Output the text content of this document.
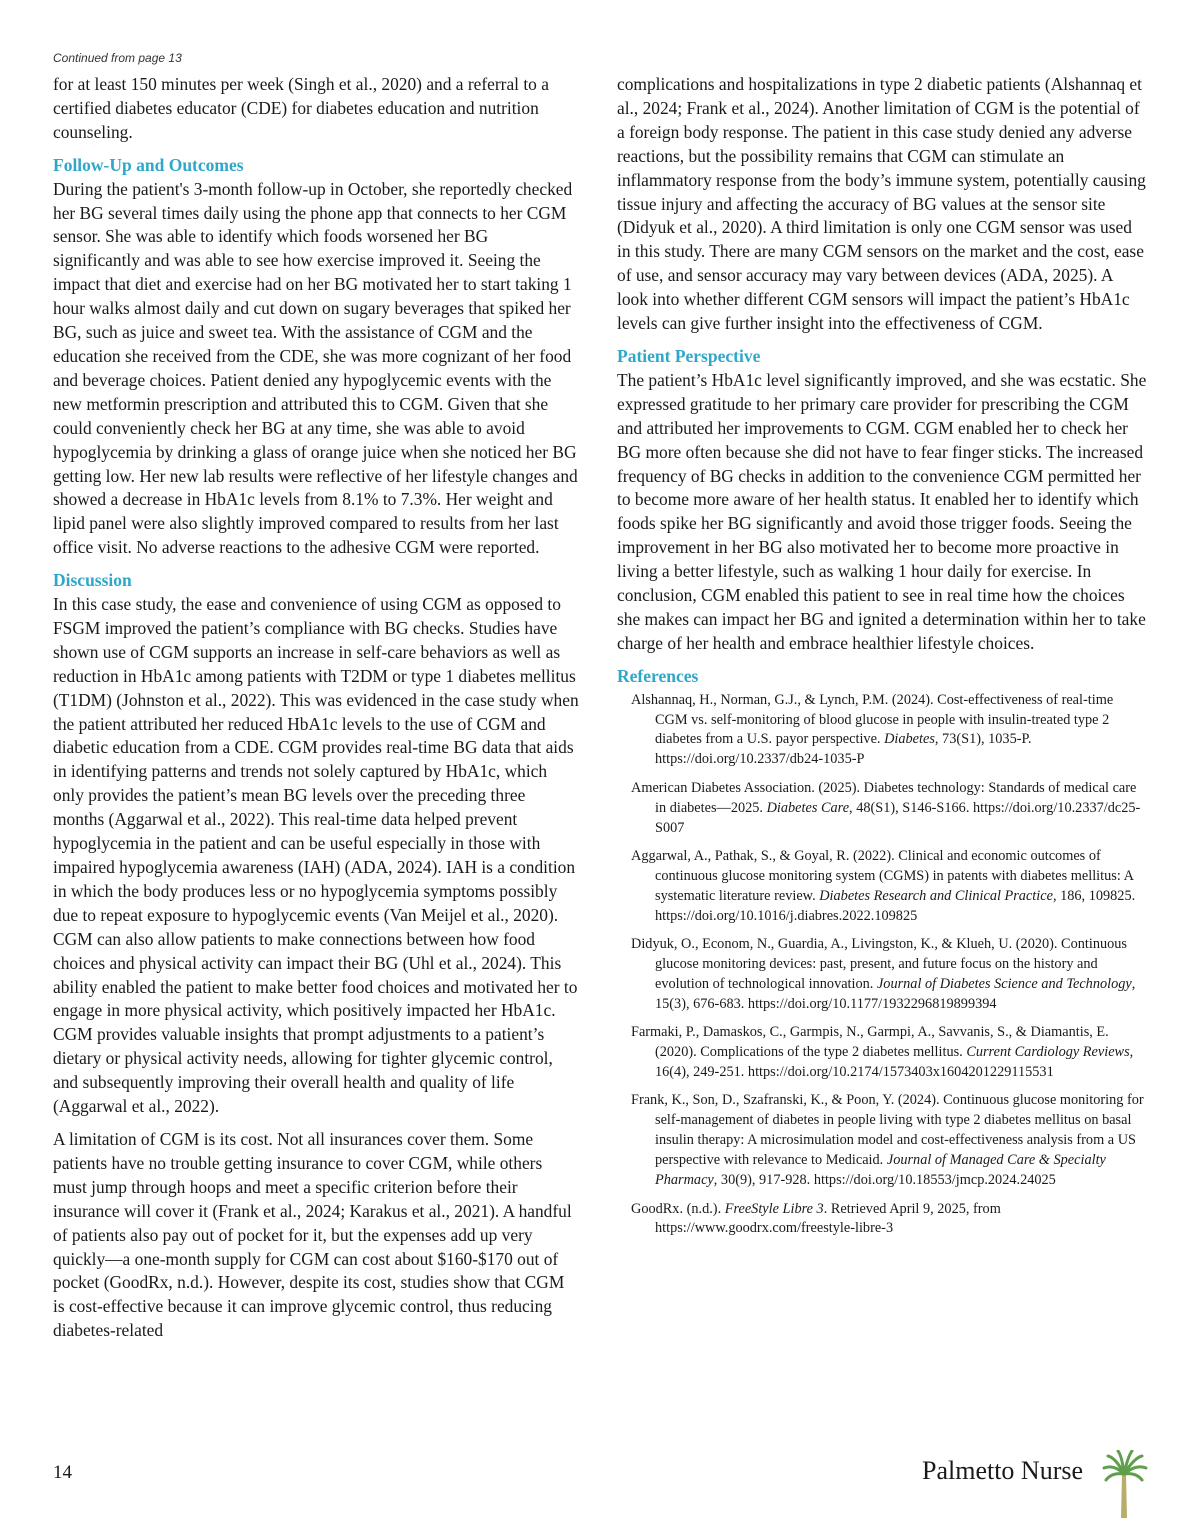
Continued from page 13

for at least 150 minutes per week (Singh et al., 2020) and a referral to a certified diabetes educator (CDE) for diabetes education and nutrition counseling.

Follow-Up and Outcomes

During the patient's 3-month follow-up in October, she reportedly checked her BG several times daily using the phone app that connects to her CGM sensor. She was able to identify which foods worsened her BG significantly and was able to see how exercise improved it. Seeing the impact that diet and exercise had on her BG motivated her to start taking 1 hour walks almost daily and cut down on sugary beverages that spiked her BG, such as juice and sweet tea. With the assistance of CGM and the education she received from the CDE, she was more cognizant of her food and beverage choices. Patient denied any hypoglycemic events with the new metformin prescription and attributed this to CGM. Given that she could conveniently check her BG at any time, she was able to avoid hypoglycemia by drinking a glass of orange juice when she noticed her BG getting low. Her new lab results were reflective of her lifestyle changes and showed a decrease in HbA1c levels from 8.1% to 7.3%. Her weight and lipid panel were also slightly improved compared to results from her last office visit. No adverse reactions to the adhesive CGM were reported.

Discussion

In this case study, the ease and convenience of using CGM as opposed to FSGM improved the patient’s compliance with BG checks. Studies have shown use of CGM supports an increase in self-care behaviors as well as reduction in HbA1c among patients with T2DM or type 1 diabetes mellitus (T1DM) (Johnston et al., 2022). This was evidenced in the case study when the patient attributed her reduced HbA1c levels to the use of CGM and diabetic education from a CDE. CGM provides real-time BG data that aids in identifying patterns and trends not solely captured by HbA1c, which only provides the patient’s mean BG levels over the preceding three months (Aggarwal et al., 2022). This real-time data helped prevent hypoglycemia in the patient and can be useful especially in those with impaired hypoglycemia awareness (IAH) (ADA, 2024). IAH is a condition in which the body produces less or no hypoglycemia symptoms possibly due to repeat exposure to hypoglycemic events (Van Meijel et al., 2020). CGM can also allow patients to make connections between how food choices and physical activity can impact their BG (Uhl et al., 2024). This ability enabled the patient to make better food choices and motivated her to engage in more physical activity, which positively impacted her HbA1c. CGM provides valuable insights that prompt adjustments to a patient’s dietary or physical activity needs, allowing for tighter glycemic control, and subsequently improving their overall health and quality of life (Aggarwal et al., 2022).

A limitation of CGM is its cost. Not all insurances cover them. Some patients have no trouble getting insurance to cover CGM, while others must jump through hoops and meet a specific criterion before their insurance will cover it (Frank et al., 2024; Karakus et al., 2021). A handful of patients also pay out of pocket for it, but the expenses add up very quickly—a one-month supply for CGM can cost about $160-$170 out of pocket (GoodRx, n.d.). However, despite its cost, studies show that CGM is cost-effective because it can improve glycemic control, thus reducing diabetes-related

complications and hospitalizations in type 2 diabetic patients (Alshannaq et al., 2024; Frank et al., 2024). Another limitation of CGM is the potential of a foreign body response. The patient in this case study denied any adverse reactions, but the possibility remains that CGM can stimulate an inflammatory response from the body’s immune system, potentially causing tissue injury and affecting the accuracy of BG values at the sensor site (Didyuk et al., 2020). A third limitation is only one CGM sensor was used in this study. There are many CGM sensors on the market and the cost, ease of use, and sensor accuracy may vary between devices (ADA, 2025). A look into whether different CGM sensors will impact the patient’s HbA1c levels can give further insight into the effectiveness of CGM.

Patient Perspective

The patient’s HbA1c level significantly improved, and she was ecstatic. She expressed gratitude to her primary care provider for prescribing the CGM and attributed her improvements to CGM. CGM enabled her to check her BG more often because she did not have to fear finger sticks. The increased frequency of BG checks in addition to the convenience CGM permitted her to become more aware of her health status. It enabled her to identify which foods spike her BG significantly and avoid those trigger foods. Seeing the improvement in her BG also motivated her to become more proactive in living a better lifestyle, such as walking 1 hour daily for exercise. In conclusion, CGM enabled this patient to see in real time how the choices she makes can impact her BG and ignited a determination within her to take charge of her health and embrace healthier lifestyle choices.

References
Alshannaq, H., Norman, G.J., & Lynch, P.M. (2024). Cost-effectiveness of real-time CGM vs. self-monitoring of blood glucose in people with insulin-treated type 2 diabetes from a U.S. payor perspective. Diabetes, 73(S1), 1035-P. https://doi.org/10.2337/db24-1035-P
American Diabetes Association. (2025). Diabetes technology: Standards of medical care in diabetes—2025. Diabetes Care, 48(S1), S146-S166. https://doi.org/10.2337/dc25-S007
Aggarwal, A., Pathak, S., & Goyal, R. (2022). Clinical and economic outcomes of continuous glucose monitoring system (CGMS) in patents with diabetes mellitus: A systematic literature review. Diabetes Research and Clinical Practice, 186, 109825. https://doi.org/10.1016/j.diabres.2022.109825
Didyuk, O., Econom, N., Guardia, A., Livingston, K., & Klueh, U. (2020). Continuous glucose monitoring devices: past, present, and future focus on the history and evolution of technological innovation. Journal of Diabetes Science and Technology, 15(3), 676-683. https://doi.org/10.1177/1932296819899394
Farmaki, P., Damaskos, C., Garmpis, N., Garmpi, A., Savvanis, S., & Diamantis, E. (2020). Complications of the type 2 diabetes mellitus. Current Cardiology Reviews, 16(4), 249-251. https://doi.org/10.2174/1573403x1604201229115531
Frank, K., Son, D., Szafranski, K., & Poon, Y. (2024). Continuous glucose monitoring for self-management of diabetes in people living with type 2 diabetes mellitus on basal insulin therapy: A microsimulation model and cost-effectiveness analysis from a US perspective with relevance to Medicaid. Journal of Managed Care & Specialty Pharmacy, 30(9), 917-928. https://doi.org/10.18553/jmcp.2024.24025
GoodRx. (n.d.). FreeStyle Libre 3. Retrieved April 9, 2025, from https://www.goodrx.com/freestyle-libre-3
14	Palmetto Nurse
